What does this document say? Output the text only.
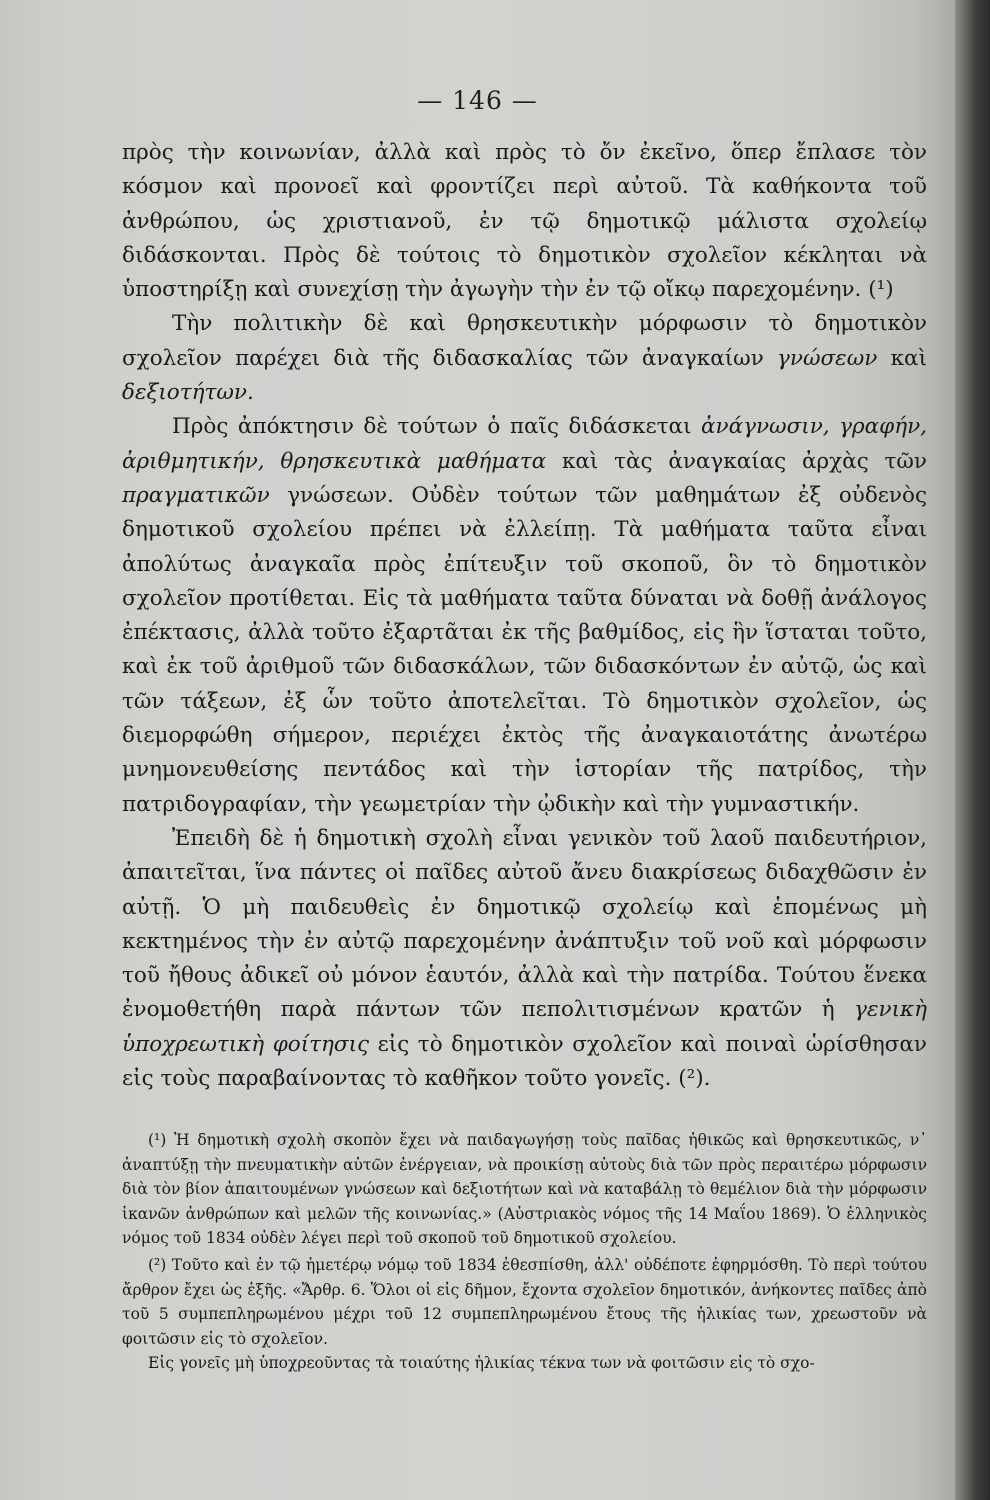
— 146 —

πρὸς τὴν κοινωνίαν, ἀλλὰ καὶ πρὸς τὸ ὄν ἐκεῖνο, ὅπερ ἔπλασε τὸν κόσμον καὶ προνοεῖ καὶ φροντίζει περὶ αὐτοῦ. Τὰ καθήκοντα τοῦ ἀνθρώπου, ὡς χριστιανοῦ, ἐν τῷ δημοτικῷ μάλιστα σχολείῳ διδάσκονται. Πρὸς δὲ τούτοις τὸ δημοτικὸν σχολεῖον κέκληται νὰ ὑποστηρίξῃ καὶ συνεχίσῃ τὴν ἀγωγὴν τὴν ἐν τῷ οἴκῳ παρεχομένην. (¹)

Τὴν πολιτικὴν δὲ καὶ θρησκευτικὴν μόρφωσιν τὸ δημοτικὸν σχολεῖον παρέχει διὰ τῆς διδασκαλίας τῶν ἀναγκαίων γνώσεων καὶ δεξιοτήτων.

Πρὸς ἀπόκτησιν δὲ τούτων ὁ παῖς διδάσκεται ἀνάγνωσιν, γραφήν, ἀριθμητικήν, θρησκευτικὰ μαθήματα καὶ τὰς ἀναγκαίας ἀρχὰς τῶν πραγματικῶν γνώσεων. Οὐδὲν τούτων τῶν μαθημάτων ἐξ οὐδενὸς δημοτικοῦ σχολείου πρέπει νὰ ἐλλείπῃ. Τὰ μαθήματα ταῦτα εἶναι ἀπολύτως ἀναγκαῖα πρὸς ἐπίτευξιν τοῦ σκοποῦ, ὃν τὸ δημοτικὸν σχολεῖον προτίθεται. Εἰς τὰ μαθήματα ταῦτα δύναται νὰ δοθῇ ἀνάλογος ἐπέκτασις, ἀλλὰ τοῦτο ἐξαρτᾶται ἐκ τῆς βαθμίδος, εἰς ἣν ἵσταται τοῦτο, καὶ ἐκ τοῦ ἀριθμοῦ τῶν διδασκάλων, τῶν διδασκόντων ἐν αὐτῷ, ὡς καὶ τῶν τάξεων, ἐξ ὧν τοῦτο ἀποτελεῖται. Τὸ δημοτικὸν σχολεῖον, ὡς διεμορφώθη σήμερον, περιέχει ἐκτὸς τῆς ἀναγκαιοτάτης ἀνωτέρω μνημονευθείσης πεντάδος καὶ τὴν ἱστορίαν τῆς πατρίδος, τὴν πατριδογραφίαν, τὴν γεωμετρίαν τὴν ᾠδικὴν καὶ τὴν γυμναστικήν.

Ἐπειδὴ δὲ ἡ δημοτικὴ σχολὴ εἶναι γενικὸν τοῦ λαοῦ παιδευτήριον, ἀπαιτεῖται, ἵνα πάντες οἱ παῖδες αὐτοῦ ἄνευ διακρίσεως διδαχθῶσιν ἐν αὐτῇ. Ὁ μὴ παιδευθεὶς ἐν δημοτικῷ σχολείῳ καὶ ἑπομένως μὴ κεκτημένος τὴν ἐν αὐτῷ παρεχομένην ἀνάπτυξιν τοῦ νοῦ καὶ μόρφωσιν τοῦ ἤθους ἀδικεῖ οὐ μόνον ἑαυτόν, ἀλλὰ καὶ τὴν πατρίδα. Τούτου ἕνεκα ἐνομοθετήθη παρὰ πάντων τῶν πεπολιτισμένων κρατῶν ἡ γενικὴ ὑποχρεωτικὴ φοίτησις εἰς τὸ δημοτικὸν σχολεῖον καὶ ποιναὶ ὡρίσθησαν εἰς τοὺς παραβαίνοντας τὸ καθῆκον τοῦτο γονεῖς. (²).

(¹) Ἡ δημοτικὴ σχολὴ σκοπὸν ἔχει νὰ παιδαγωγήσῃ τοὺς παῖδας ἠθικῶς καὶ θρησκευτικῶς, ν᾿ ἀναπτύξῃ τὴν πνευματικὴν αὐτῶν ἐνέργειαν, νὰ προικίσῃ αὐτοὺς διὰ τῶν πρὸς περαιτέρω μόρφωσιν διὰ τὸν βίον ἀπαιτουμένων γνώσεων καὶ δεξιοτήτων καὶ νὰ καταβάλῃ τὸ θεμέλιον διὰ τὴν μόρφωσιν ἱκανῶν ἀνθρώπων καὶ μελῶν τῆς κοινωνίας.» (Αὐστριακὸς νόμος τῆς 14 Μαΐου 1869). Ὁ ἑλληνικὸς νόμος τοῦ 1834 οὐδὲν λέγει περὶ τοῦ σκοποῦ τοῦ δημοτικοῦ σχολείου.

(²) Τοῦτο καὶ ἐν τῷ ἡμετέρῳ νόμῳ τοῦ 1834 ἐθεσπίσθη, ἀλλ' οὐδέποτε ἐφηρμόσθη. Τὸ περὶ τούτου ἄρθρον ἔχει ὡς ἑξῆς. «Ἄρθρ. 6. Ὅλοι οἱ εἰς δῆμον, ἔχοντα σχολεῖον δημοτικόν, ἀνήκοντες παῖδες ἀπὸ τοῦ 5 συμπεπληρωμένου μέχρι τοῦ 12 συμπεπληρωμένου ἔτους τῆς ἡλικίας των, χρεωστοῦν νὰ φοιτῶσιν εἰς τὸ σχολεῖον.

Εἰς γονεῖς μὴ ὑποχρεοῦντας τὰ τοιαύτης ἡλικίας τέκνα των νὰ φοιτῶσιν εἰς τὸ σχο-
